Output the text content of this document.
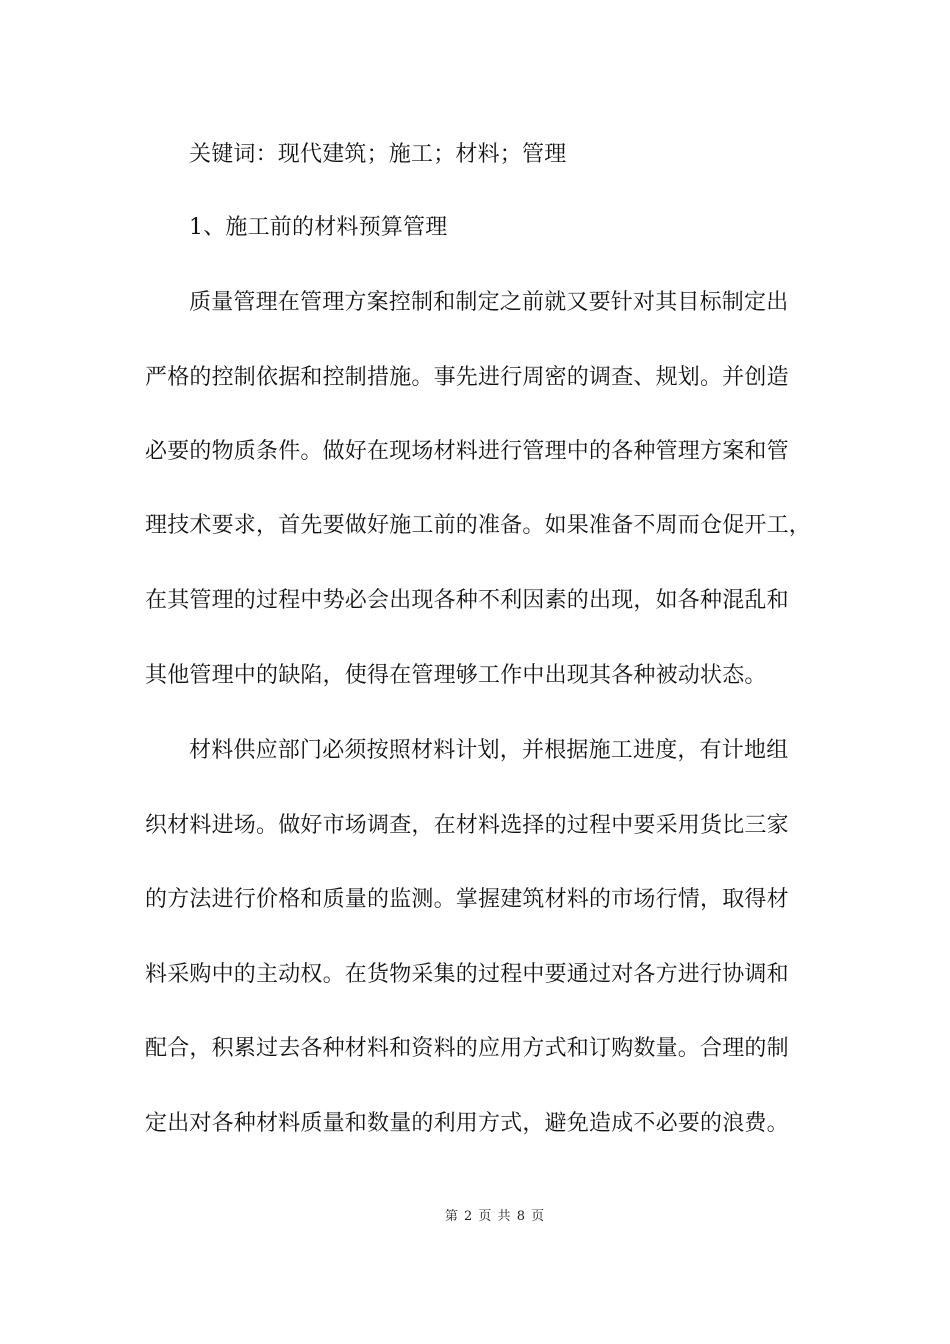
关键词：现代建筑；施工；材料；管理
1、施工前的材料预算管理
质量管理在管理方案控制和制定之前就又要针对其目标制定出
严格的控制依据和控制措施。事先进行周密的调查、规划。并创造
必要的物质条件。做好在现场材料进行管理中的各种管理方案和管
理技术要求，首先要做好施工前的准备。如果准备不周而仓促开工，
在其管理的过程中势必会出现各种不利因素的出现，如各种混乱和
其他管理中的缺陷，使得在管理够工作中出现其各种被动状态。
材料供应部门必须按照材料计划，并根据施工进度，有计地组
织材料进场。做好市场调查，在材料选择的过程中要采用货比三家
的方法进行价格和质量的监测。掌握建筑材料的市场行情，取得材
料采购中的主动权。在货物采集的过程中要通过对各方进行协调和
配合，积累过去各种材料和资料的应用方式和订购数量。合理的制
定出对各种材料质量和数量的利用方式，避免造成不必要的浪费。
第 2 页 共 8 页
